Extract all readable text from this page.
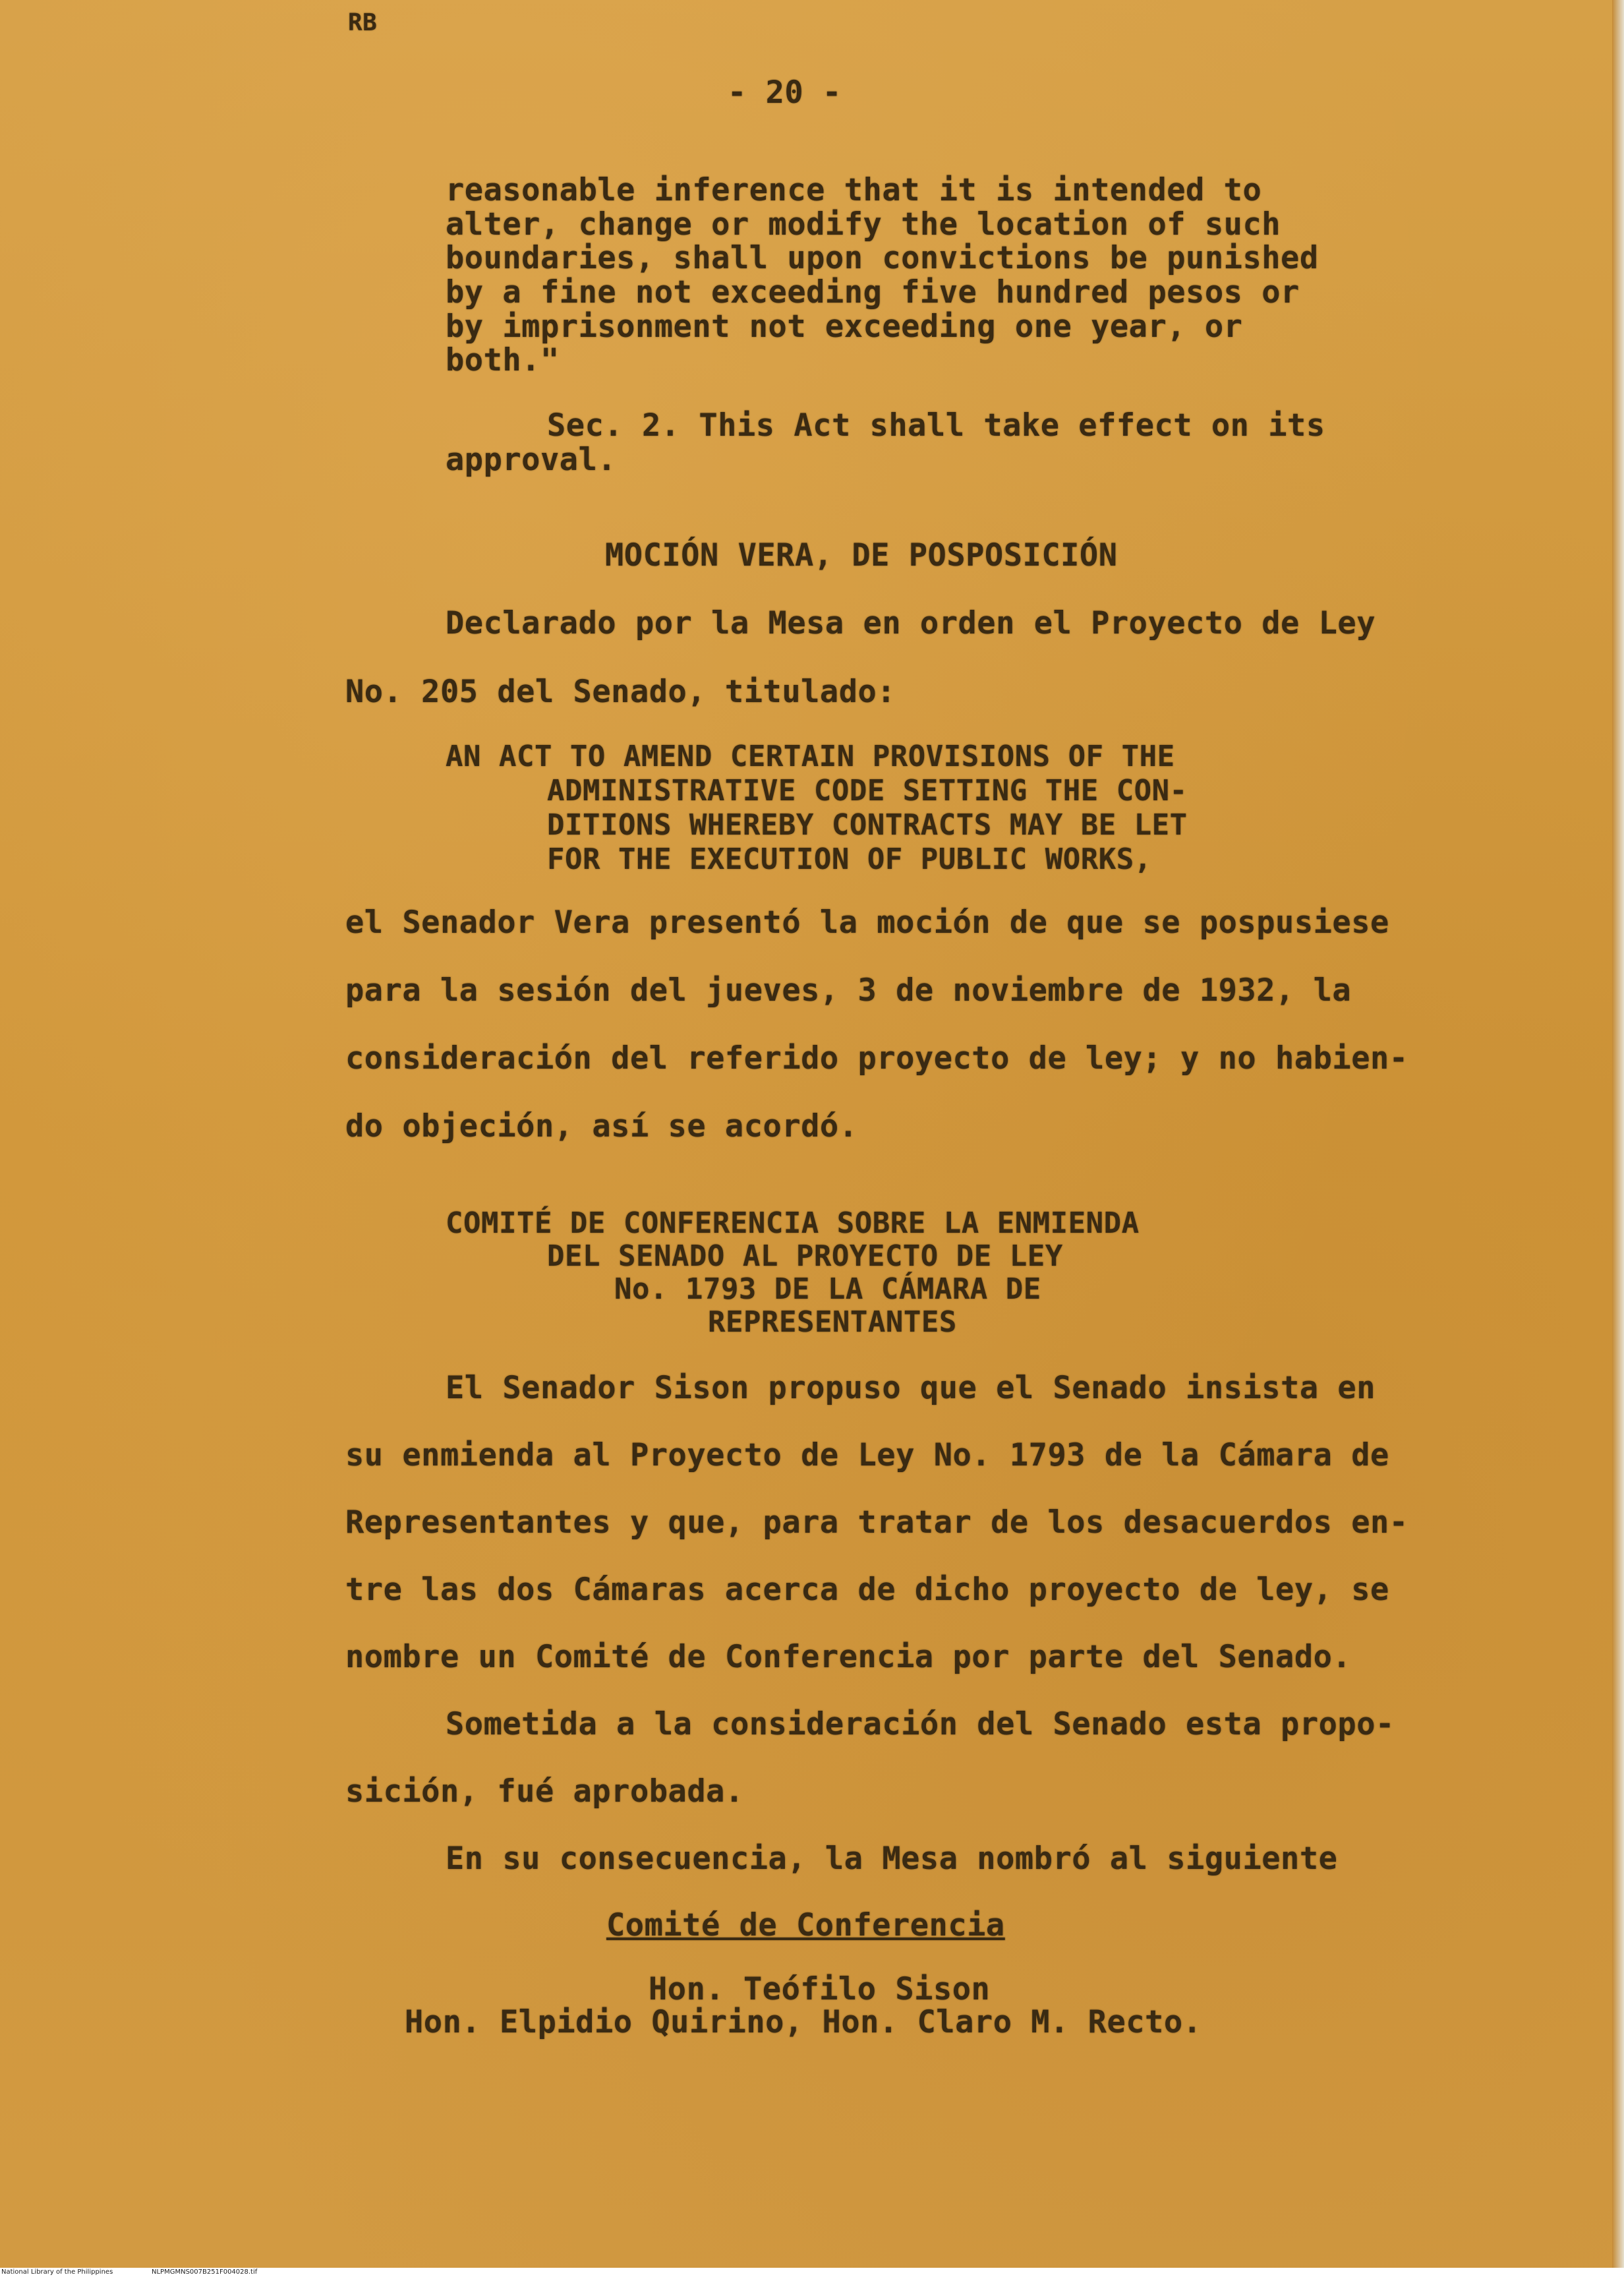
RB
- 20 -
reasonable inference that it is intended to
alter, change or modify the location of such
boundaries, shall upon convictions be punished
by a fine not exceeding five hundred pesos or
by imprisonment not exceeding one year, or
both."
Sec. 2. This Act shall take effect on its
approval.
MOCIÓN VERA, DE POSPOSICIÓN
Declarado por la Mesa en orden el Proyecto de Ley
No. 205 del Senado, titulado:
AN ACT TO AMEND CERTAIN PROVISIONS OF THE
ADMINISTRATIVE CODE SETTING THE CON-
DITIONS WHEREBY CONTRACTS MAY BE LET
FOR THE EXECUTION OF PUBLIC WORKS,
el Senador Vera presentó la moción de que se pospusiese
para la sesión del jueves, 3 de noviembre de 1932, la
consideración del referido proyecto de ley; y no habien-
do objeción, así se acordó.
COMITÉ DE CONFERENCIA SOBRE LA ENMIENDA
DEL SENADO AL PROYECTO DE LEY
No. 1793 DE LA CÁMARA DE
REPRESENTANTES
El Senador Sison propuso que el Senado insista en
su enmienda al Proyecto de Ley No. 1793 de la Cámara de
Representantes y que, para tratar de los desacuerdos en-
tre las dos Cámaras acerca de dicho proyecto de ley, se
nombre un Comité de Conferencia por parte del Senado.
Sometida a la consideración del Senado esta propo-
sición, fué aprobada.
En su consecuencia, la Mesa nombró al siguiente
Comité de Conferencia
Hon. Teófilo Sison
Hon. Elpidio Quirino, Hon. Claro M. Recto.
National Library of the Philippines	NLPMGMNS007B251F004028.tif
